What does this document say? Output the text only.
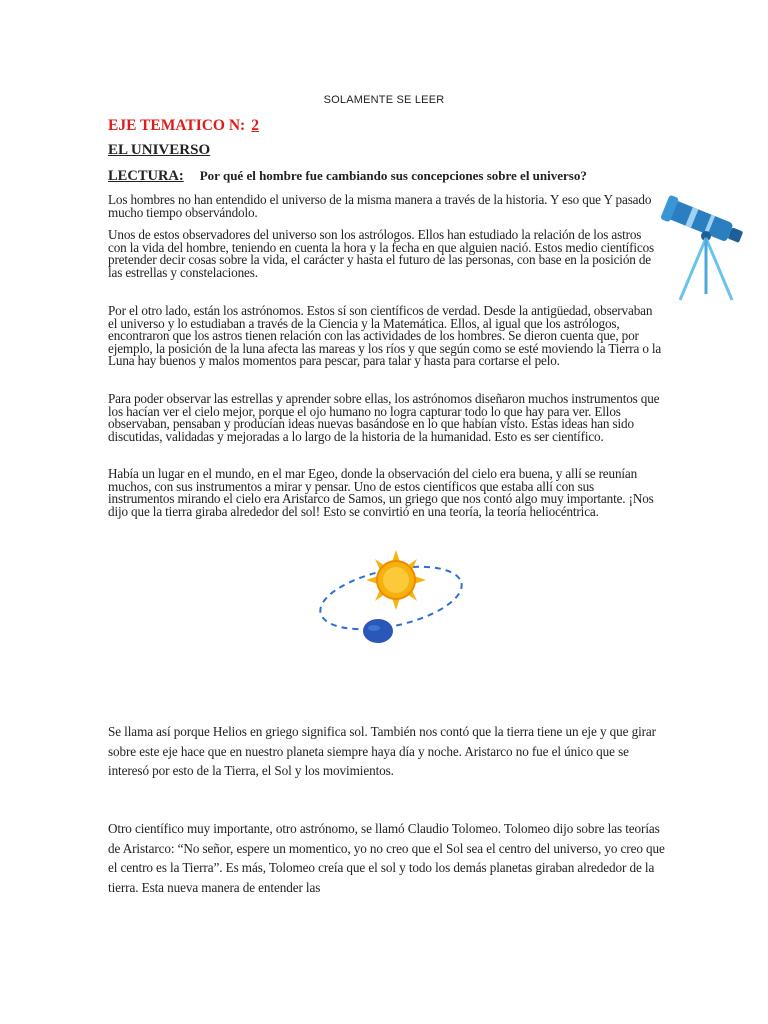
SOLAMENTE SE LEER
EJE TEMATICO N: 2
EL UNIVERSO
LECTURA: Por qué el hombre fue cambiando sus concepciones sobre el universo?
Los hombres no han entendido el universo de la misma manera a través de la historia. Y eso que Y pasado mucho tiempo observándolo.
Unos de estos observadores del universo son los astrólogos. Ellos han estudiado la relación de los astros con la vida del hombre, teniendo en cuenta la hora y la fecha en que alguien nació. Estos medio científicos pretender decir cosas sobre la vida, el carácter y hasta el futuro de las personas, con base en la posición de las estrellas y constelaciones.
Por el otro lado, están los astrónomos. Estos sí son científicos de verdad. Desde la antigüedad, observaban el universo y lo estudiaban a través de la Ciencia y la Matemática. Ellos, al igual que los astrólogos, encontraron que los astros tienen relación con las actividades de los hombres. Se dieron cuenta que, por ejemplo, la posición de la luna afecta las mareas y los ríos y que según como se esté moviendo la Tierra o la Luna hay buenos y malos momentos para pescar, para talar y hasta para cortarse el pelo.
Para poder observar las estrellas y aprender sobre ellas, los astrónomos diseñaron muchos instrumentos que los hacían ver el cielo mejor, porque el ojo humano no logra capturar todo lo que hay para ver. Ellos observaban, pensaban y producían ideas nuevas basándose en lo que habían visto. Estas ideas han sido discutidas, validadas y mejoradas a lo largo de la historia de la humanidad. Esto es ser científico.
Había un lugar en el mundo, en el mar Egeo, donde la observación del cielo era buena, y allí se reunían muchos, con sus instrumentos a mirar y pensar. Uno de estos científicos que estaba allí con sus instrumentos mirando el cielo era Aristarco de Samos, un griego que nos contó algo muy importante. ¡Nos dijo que la tierra giraba alrededor del sol! Esto se convirtió en una teoría, la teoría heliocéntrica.
Se llama así porque Helios en griego significa sol. También nos contó que la tierra tiene un eje y que girar sobre este eje hace que en nuestro planeta siempre haya día y noche. Aristarco no fue el único que se interesó por esto de la Tierra, el Sol y los movimientos.
Otro científico muy importante, otro astrónomo, se llamó Claudio Tolomeo. Tolomeo dijo sobre las teorías de Aristarco: “No señor, espere un momentico, yo no creo que el Sol sea el centro del universo, yo creo que el centro es la Tierra”. Es más, Tolomeo creía que el sol y todo los demás planetas giraban alrededor de la tierra. Esta nueva manera de entender las
